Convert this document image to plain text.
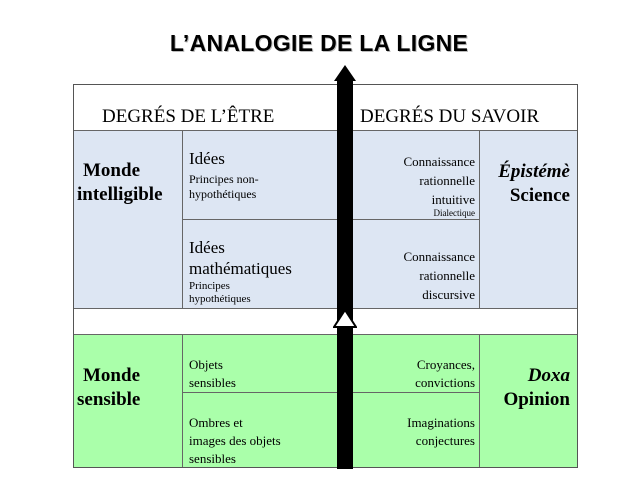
L’ANALOGIE DE LA LIGNE
DEGRÉS DE L’ÊTRE	DEGRÉS DU SAVOIR
Monde
intelligible
Idées
Principes non-
hypothétiques
Connaissance
rationnelle
intuitive
Dialectique
Idées
mathématiques
Principes
hypothétiques
Connaissance
rationnelle
discursive
Épistémè
Science
Monde
sensible
Objets
sensibles
Croyances,
convictions
Ombres et
images des objets
sensibles
Imaginations
conjectures
Doxa
Opinion
